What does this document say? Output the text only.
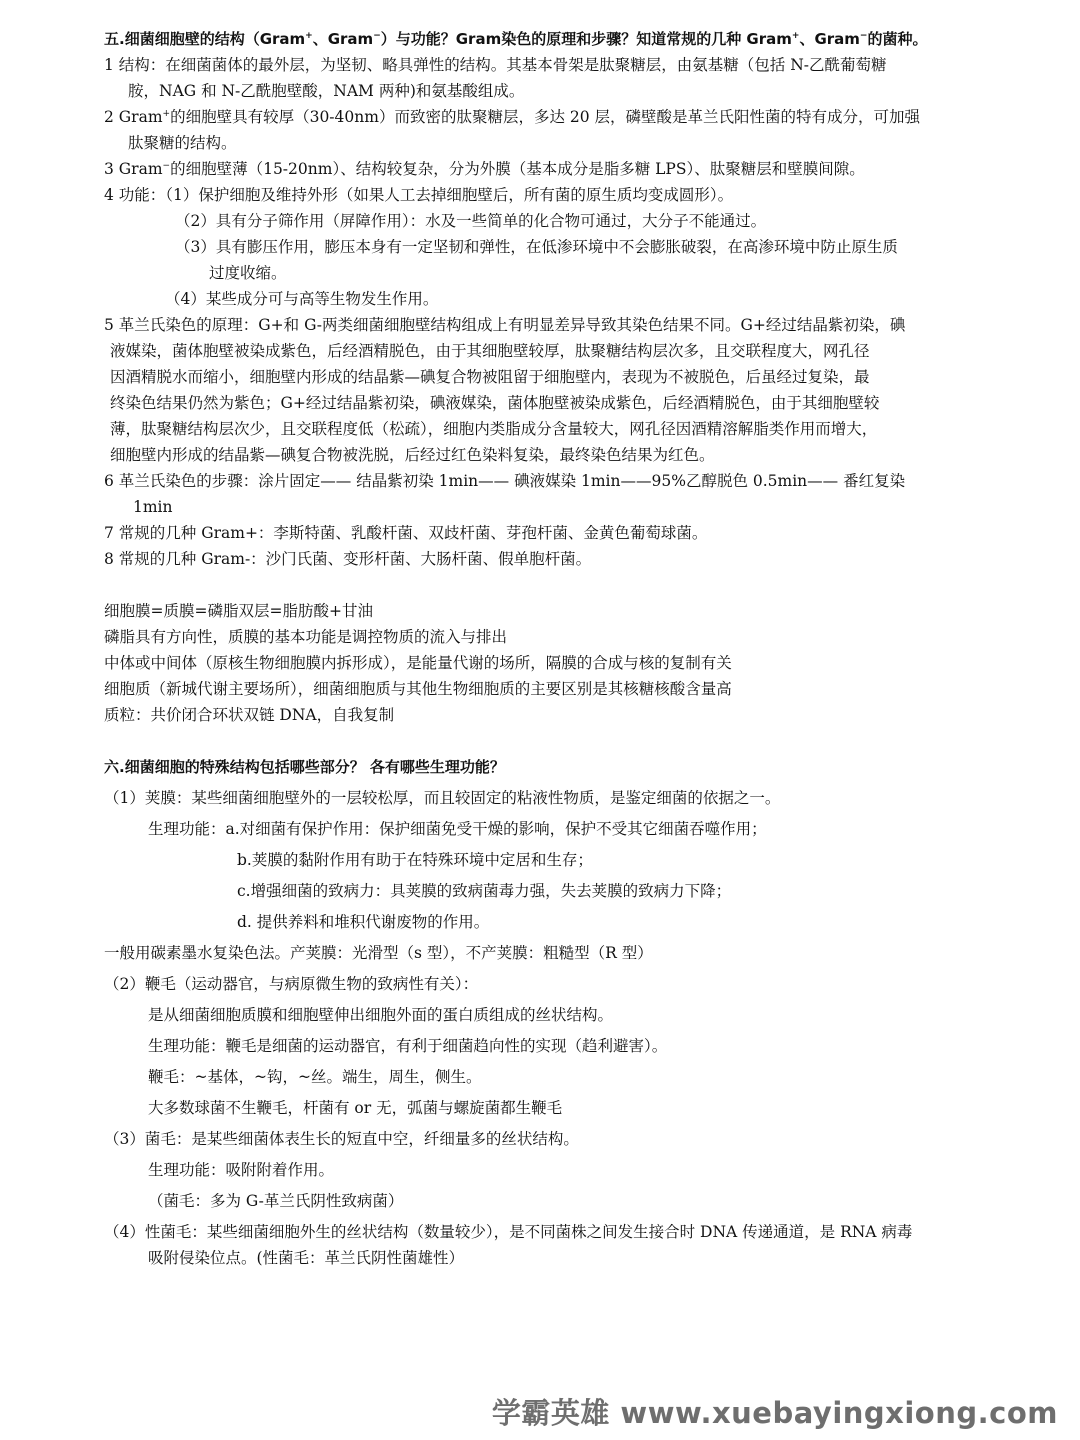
五.细菌细胞壁的结构（Gram+、Gram−）与功能？Gram染色的原理和步骤？知道常规的几种 Gram+、Gram−的菌种。

1 结构：在细菌菌体的最外层，为坚韧、略具弹性的结构。其基本骨架是肽聚糖层，由氨基糖（包括 N-乙酰葡萄糖

胺，NAG 和 N-乙酰胞壁酸，NAM 两种)和氨基酸组成。

2 Gram+的细胞壁具有较厚（30-40nm）而致密的肽聚糖层，多达 20 层，磷壁酸是革兰氏阳性菌的特有成分，可加强

肽聚糖的结构。

3 Gram−的细胞壁薄（15-20nm）、结构较复杂，分为外膜（基本成分是脂多糖 LPS）、肽聚糖层和壁膜间隙。

4 功能：（1）保护细胞及维持外形（如果人工去掉细胞壁后，所有菌的原生质均变成圆形）。

（2）具有分子筛作用（屏障作用）：水及一些简单的化合物可通过，大分子不能通过。

（3）具有膨压作用，膨压本身有一定坚韧和弹性，在低渗环境中不会膨胀破裂，在高渗环境中防止原生质

过度收缩。

（4）某些成分可与高等生物发生作用。

5 革兰氏染色的原理：G+和 G-两类细菌细胞壁结构组成上有明显差异导致其染色结果不同。G+经过结晶紫初染，碘

液媒染，菌体胞壁被染成紫色，后经酒精脱色，由于其细胞壁较厚，肽聚糖结构层次多，且交联程度大，网孔径

因酒精脱水而缩小，细胞壁内形成的结晶紫—碘复合物被阻留于细胞壁内，表现为不被脱色，后虽经过复染，最

终染色结果仍然为紫色；G+经过结晶紫初染，碘液媒染，菌体胞壁被染成紫色，后经酒精脱色，由于其细胞壁较

薄，肽聚糖结构层次少，且交联程度低（松疏），细胞内类脂成分含量较大，网孔径因酒精溶解脂类作用而增大，

细胞壁内形成的结晶紫—碘复合物被洗脱，后经过红色染料复染，最终染色结果为红色。

6 革兰氏染色的步骤：涂片固定—— 结晶紫初染 1min—— 碘液媒染 1min——95%乙醇脱色 0.5min—— 番红复染

1min

7 常规的几种 Gram+：李斯特菌、乳酸杆菌、双歧杆菌、芽孢杆菌、金黄色葡萄球菌。

8 常规的几种 Gram-：沙门氏菌、变形杆菌、大肠杆菌、假单胞杆菌。

细胞膜=质膜=磷脂双层=脂肪酸+甘油

磷脂具有方向性，质膜的基本功能是调控物质的流入与排出

中体或中间体（原核生物细胞膜内拆形成），是能量代谢的场所，隔膜的合成与核的复制有关

细胞质（新城代谢主要场所），细菌细胞质与其他生物细胞质的主要区别是其核糖核酸含量高

质粒：共价闭合环状双链 DNA，自我复制

六.细菌细胞的特殊结构包括哪些部分？ 各有哪些生理功能？

（1）荚膜：某些细菌细胞壁外的一层较松厚，而且较固定的粘液性物质，是鉴定细菌的依据之一。

生理功能：a.对细菌有保护作用：保护细菌免受干燥的影响，保护不受其它细菌吞噬作用；

b.荚膜的黏附作用有助于在特殊环境中定居和生存；

c.增强细菌的致病力：具荚膜的致病菌毒力强，失去荚膜的致病力下降；

d. 提供养料和堆积代谢废物的作用。

一般用碳素墨水复染色法。产荚膜：光滑型（s 型），不产荚膜：粗糙型（R 型）

（2）鞭毛（运动器官，与病原微生物的致病性有关）：

是从细菌细胞质膜和细胞壁伸出细胞外面的蛋白质组成的丝状结构。

生理功能：鞭毛是细菌的运动器官，有利于细菌趋向性的实现（趋利避害）。

鞭毛：~基体，~钩，~丝。端生，周生，侧生。

大多数球菌不生鞭毛，杆菌有 or 无，弧菌与螺旋菌都生鞭毛

（3）菌毛：是某些细菌体表生长的短直中空，纤细量多的丝状结构。

生理功能：吸附附着作用。

（菌毛：多为 G-革兰氏阴性致病菌）

（4）性菌毛：某些细菌细胞外生的丝状结构（数量较少），是不同菌株之间发生接合时 DNA 传递通道，是 RNA 病毒

吸附侵染位点。(性菌毛：革兰氏阴性菌雄性）

学霸英雄 www.xuebayingxiong.com
